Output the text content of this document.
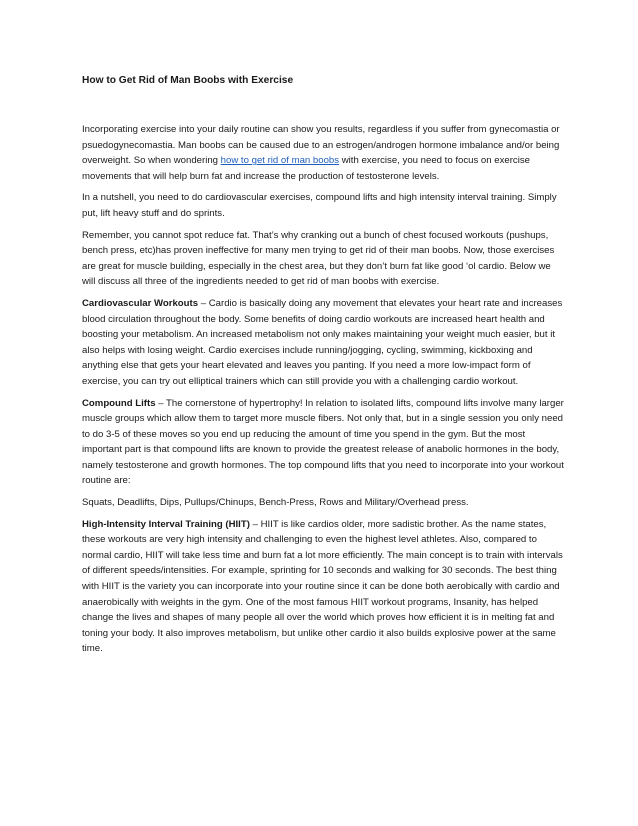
How to Get Rid of Man Boobs with Exercise

Incorporating exercise into your daily routine can show you results, regardless if you suffer from gynecomastia or psuedogynecomastia. Man boobs can be caused due to an estrogen/androgen hormone imbalance and/or being overweight. So when wondering how to get rid of man boobs with exercise, you need to focus on exercise movements that will help burn fat and increase the production of testosterone levels.

In a nutshell, you need to do cardiovascular exercises, compound lifts and high intensity interval training. Simply put, lift heavy stuff and do sprints.

Remember, you cannot spot reduce fat. That’s why cranking out a bunch of chest focused workouts (pushups, bench press, etc)has proven ineffective for many men trying to get rid of their man boobs. Now, those exercises are great for muscle building, especially in the chest area, but they don’t burn fat like good ‘ol cardio. Below we will discuss all three of the ingredients needed to get rid of man boobs with exercise.

Cardiovascular Workouts – Cardio is basically doing any movement that elevates your heart rate and increases blood circulation throughout the body. Some benefits of doing cardio workouts are increased heart health and boosting your metabolism. An increased metabolism not only makes maintaining your weight much easier, but it also helps with losing weight. Cardio exercises include running/jogging, cycling, swimming, kickboxing and anything else that gets your heart elevated and leaves you panting. If you need a more low-impact form of exercise, you can try out elliptical trainers which can still provide you with a challenging cardio workout.

Compound Lifts – The cornerstone of hypertrophy! In relation to isolated lifts, compound lifts involve many larger muscle groups which allow them to target more muscle fibers. Not only that, but in a single session you only need to do 3-5 of these moves so you end up reducing the amount of time you spend in the gym. But the most important part is that compound lifts are known to provide the greatest release of anabolic hormones in the body, namely testosterone and growth hormones. The top compound lifts that you need to incorporate into your workout routine are:

Squats, Deadlifts, Dips, Pullups/Chinups, Bench-Press, Rows and Military/Overhead press.

High-Intensity Interval Training (HIIT) – HIIT is like cardios older, more sadistic brother. As the name states, these workouts are very high intensity and challenging to even the highest level athletes. Also, compared to normal cardio, HIIT will take less time and burn fat a lot more efficiently. The main concept is to train with intervals of different speeds/intensities. For example, sprinting for 10 seconds and walking for 30 seconds. The best thing with HIIT is the variety you can incorporate into your routine since it can be done both aerobically with cardio and anaerobically with weights in the gym. One of the most famous HIIT workout programs, Insanity, has helped change the lives and shapes of many people all over the world which proves how efficient it is in melting fat and toning your body. It also improves metabolism, but unlike other cardio it also builds explosive power at the same time.
